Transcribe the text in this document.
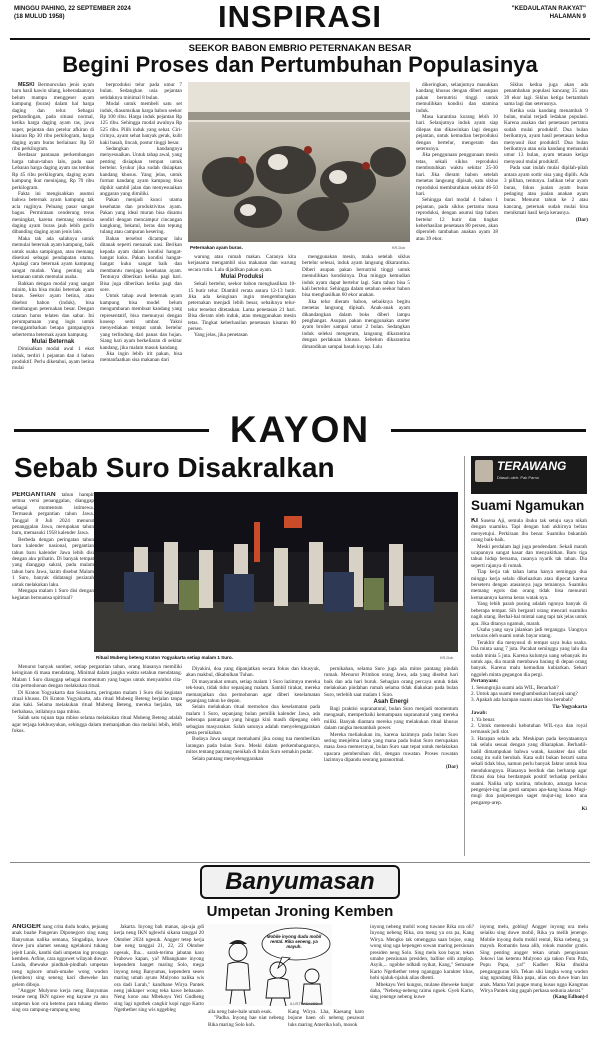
MINGGU PAHING, 22 SEPTEMBER 2024
(18 MULUD 1958)	INSPIRASI	"KEDAULATAN RAKYAT"
HALAMAN 9
SEEKOR BABON EMBRIO PETERNAKAN BESAR
Begini Proses dan Pertumbuhan Populasinya

MESKI Bermunculan jenis ayam baru hasil kawin silang, keberadaannya belum mampu menggeser ayam kampung (buras) dalam hal harga daging dan telur. Sebagai perbandingan, pada situasi normal, ketika harga daging ayam ras, jawa super, pejantan dan petelur afkiran di kisaran Rp 30 ribu perkilogram, harga daging ayam buras berlainan: Rp 50 ribu perkilogram.

Berdasar pantauan perkembangan harga tahun-tahun lalu, pada saat Lebaran harga daging ayam ras tembus Rp 45 ribu perkilogram, daging ayam kampung ikut meninjang, Rp 70 ribu perkilogram.

Fakta ini mengisahkan asumsi bahwa beternak ayam kampung tak acia rugjinya. Peluang pasar sangat bagus. Permintaan cenderung terus meningkat, karena memang otensisa daging ayam buras jauh lebih gurih dibanding daging ayam jenis lain.

Maka tak ada salahnya untuk memulai beternak ayam kampung, baik untuk usaha sampingan, atau memang disetiusi sebagai pendapatan utama. Apalagi cara beternak ayam kampung sangat mudah. Yang penting ada kemauan untuk memulai usaha.

Bahkan dengan modal yang sangat minim, kita bisa mulai beternak ayam buras. Seekor ayam betina, atau disebut babon (induk), bisa membangun peternakan besar. Dengan catatan harus telaten dan sabar. Ini perumpamaan yang logis untuk menggambarkan betapa gampangnya seberterma beternak ayam kampung.

Mulai Beternak

Dimisalkan modal awal 1 ekot induk, terdiri 1 pejantan dan 4 babon produktif. Perlu diketahui, ayam betina mulai

berproduksi telur pada umur 7 bulan. Sedangkan usia pejantan setidaknya minimal 8 bulan.

Modal untuk membeli satu set induk, diasumsikan harga babon seekor Rp 100 ribu. Harga induk pejantan Rp 125 ribu. Sehingga modal awalnya Rp 525 ribu. Pilih induk yang sehat. Ciri-cirinya, ayam sehat banyak gerak, kulit kaki basah, lincah, postur tinggi besar.

Sedangkan kandangnya menyesuaikan. Untuk tahap awal, yang penting disiapkan tempat untuk bertelur. Syukur jika sudah disiapkan kandang khusus. Yang jelas, untuk format kandang ayam kampung bisa dipikir sambil jalan dan menyesuaikan anggaran yang dimiliki.

Pakan menjadi kunci utama kesehatan dan produktivitas ayam. Pakan yang ideal muran bisa disamu sendiri dengan mencampur cincangan kangkung, bekatul, beras dan tepung tulang atau campuran kesering.

Bahan tersebut dicampur lalu ditanak seperti menanak nasi. Berikan kepada ayam dalam kondisi hangat-hangat kuku. Pakan kondisi hangat-hangat kuku sangat baik dan membantu menjaga kesehatan ayam. Tentunya diberikan ketika pagi hari. Bisa juga diberikan ketika pagi dan sore.

Untuk tahap awal beternak ayam kampung bisa model belum mengumbaran membuat kandang yang representatif, bisa memunyai dengan koseop semi umbar. Yakni menyediakan tempat untuk bertelur yang terlindung dari panas dan hujan. Siang hari ayam berkeliaran di sekitar kandang, jika malam masuk kandang.

Jika ingin lebih irit pakan, bisa memanfaatkan sisa makanan dari

Peternakan ayam buras.	KR-Dok

warung atau rumah makan. Caranya kita kerjasama mengambil sisa makanan dan warung secara rutin. Lalu dijadikan pakan ayam.

Mulai Produksi

Sekali bertelur, seekor babon menghasilkan 10-15 butir telur. Diambil rerata antara 12-13 butir. Jika ada keinginan ingin mengembangkan peternakan menjadi lebih besar, sebaiknya telur-telur tersebut ditetaskan. Lama penetasan 21 hari. Bisa dieram oleh induk, atau menggunakan mesin tetas. Tingkat keberhasilan penetasan kisaran 80 persen.

Yang jelas, jika penetasan

menggunakan mesin, maka setelah siklus bertelur selesai, induk ayam langsung dikarantina. Diberi asupan pakan bernutrisi tinggi untuk memulihkan kondisinya. Dua minggu kemudian induk ayam dapat bertelur lagi. Satu tahun bisa 5 kali bertelur. Sehingga dalam setahun seekor babon bisa menghasilkan 60 ekor anakan.

Jika telur dieram babon, sebaiknya begitu menetas langsung dipisah. Anak-anak ayam dikandangkan dalam boks diberi lampu penghangat. Asupan pakan menggunakan starter ayam broiler sampai umur 2 bulan. Sedangkan induk seleksi mengeram, langsung dikarantina dengan perlakuan khusus. Sebelum dikarantina dimandikan sampai basah kuyup. Lalu

dikeringkan, selanjutnya masukkan kandang khusus dengan diberi asupan pakan bernutrisi tinggi untuk memulihkan kondisi dan stamina induk.

Masa karantina kurang lebih 10 hari. Selanjutnya induk ayam siap dilepas dan dikawinkan lagi dengan pejantan, untuk kemudian berproduksi dengan bertelur, mengeram dan seterusnya.

Jika penggunaan penggunaan mesin tetas, sekali siklus reproduksi membutuhkan waktu sekitar 25-30 hari. Jika dieram babon setelah menetas langsung dipisah, satu siklus reproduksi membutuhkan sekitar 46-50 hari.

Sehingga dari modal 4 babon 1 pejantan, pada siklus pertama masa reproduksi, dengan asumsi tiap babon bertelur 12 butir dan tingkat keberhasilan penetasan 80 persen, akan diperoleh tambahan anakan ayam 38 atau 39 ekor.

Siklus kedua juga akan ada penambahan populasi kancang 35 atau 39 ekor lagi. Siklus ketiga bertambah sama lagi dan seterusnya.

Ketika usia kandang menambah 9 bulan, mulai terjadi ledakan populasi. Karena anakan dari penetasan pertama sudah mulai produktif. Dua bulan berikutnya, ayam hasil penetasan kedua menyusul ikut produktif. Dua bulan berikutnya atau usia kandang memasuki umur 13 bulan, ayam tetasan ketiga menyusul mulai produktif.

Pada saat itulah mulai dipilah-pilah antara ayam sortir sisa yang diplih. Ada 3 pilihan, tentunya. Jadikan telur ayam buras, fokus jualan ayam buras pedaging atau jualan anakan ayam buras. Menurut tahun ke 2 atau kancang, peternak sudah mulai bisa menikmati hasil kerja kerasnya.

(Dar)

KAYON
Sebab Suro Disakralkan

PERGANTIAN tahun hampir semua versi penanggalan, dianggap sebagai momentum istimewa. Termasuk pergantian tahun Jawa. Tanggal 8 Juli 2024 menurut penanggalan Jawa, merupakan tahun baru, memasuki 1958 kalender Jawa.

Berbeda dengan peringatan tahun baru kalender nasional, pergantian tahun baru kalender Jawa lebih disi dengan aku prihatin. Di banyak tempat yang dianggap sakral, pada malam tahun baru Jawa, lazim disebut Malam 1 Suro, banyak didatangi peziarah untuk melakukan laku.

Mengapa malam 1 Suro disi dengan kegiatan bernuansa spiritual?

Menurut banyak sumber, setiap pergantian tahun, orang biasanya memiliki keinginan di masa mendatang. Minimal dalam jangka waktu setahun mendatang. Malam 1 Suro dianggap sebagai momentum yang bagus untuk menyambut cita-cita permohonan dengan melakukan ritual.

Di Kraton Yogyakarta dan Surakarta, peringatan malam 1 Suro disi kegiatan ritual khusus. Di Kraton Yogyakarta, ada ritual Mubeng Beteng berjalan tanpa alas kaki. Selama melakukan ritual Mubeng Beteng, mereka berjalan, tak berbahasa, istilahnya tapa mbisu.

Salah satu tujuan tapa mbisu selama melakukan ritual Mubeng Beteng adalah agar terjaga kekhusyukan, sehingga dalam memanjatkan doa melalui lebih, lebih fokus.

Ritual Mubeng beteng Kraton Yogyakarta setiap malam 1 Suro.	KR-Dok

Diyakini, doa yang dipanjatkan secara fokus dan khusyuk, akan makbul, dikabulkan Tuhan.

Di masyarakat umum, setiap malam 1 Suro lazimnya mereka tek-kean, tidak tidur sepanjang malam. Sambil tirakat, mereka memanjatkan doa permohonan agar diberi keselamatan sepanjang tahun ke depan.

Selain melakukan ritual memohon doa keselamatan pada malam 1 Suro, sepanjang bulan pemilik kalender Jawa, ada beberapa pantangan yang hingga kini masih dipegang oleh sebagian masyarakat. Salah satunya adalah menyelenggarakan pesta pernikahan.

Budaya Jawa sangat memahami jika orang tua memberikan larangan pada bulan Suro. Meski dalam perkembangannya, mitos tentang pantang menikah di bulan Suro semakin pudar.

Selain pantang menyelenggarakan

pernikahan, selama Suro juga ada mitos pantang pindah rumah. Menurut Primbon orang Jawa, ada yang disebut hari baik dan ada hari buruk. Sebagian orang percaya untuk tidak melakukan pindahan rumah selama tidak diakukan pada bulan Suro, terlebih saat malam 1 Suro.

Asah Energi

Bagi praktisi supranatural, bulan Suro menjadi momentum mengasah, memperbaiki kemampuan supranatural yang mereka miliki. Banyak diantara mereka yang melakukan ritual khusus dalam rangka menambah power.

Mereka meliakukan itu, karena lazimnya pada bulan Suro sering menjelma lama yang mana pada bulan Suro merupakan masa Jawa memercayai, bulan Suro saat tepat untuk melakukan upacara pembersihan diri, dengan ruwatan. Proses ruwatan lazimnya dipandu seorang paranormal.

(Dar)

TERAWANG
Diasuh oleh: Pak Parno
Suami Ngamukan

KI Susena Aji, semula ibuku tak setuju saya nikah dengan suamiku. Tapi dengan hati akhirnya beliau menyetujui. Perkiraan ibu benar. Suamiku bukanlah orang baik-baik.

Meski perdalam lagi juga pendendam. Sekali marah ucapannya sangat kasar dan menyakitkan. Baru tiga tahun hidup bersama, rasanya nyarik tak tahan. Dia seperti rajanya di rumah.

Tiap kerja tak tahan lama hanya seminggu dua minggu kerja selalu dikeluarkan atau dipecat karena berseteru dengan atasannya juga temannya. Suamiku memang egois dan orang tidak bisa menuruti kemauannya karena keras watak nya.

Yang lebih parah pusing adalah ngnnya banyak di beberapa tempat. Sih bergantl orang mencari suamiku nagih utang. Berhal-hal mintal uang tapi tak jelas untuk apa. Jika ditanya ngamuk, marah.

Usaha yang saya jalankan jadi terganggu. Uangnya terkuras oleh suami untuk bayar utang.

Terakhir dia menyusul di tempat saya buka usaha. Dia minta uang 7 juta. Pacahat seminggu yang lalu dia sudah minta 5 juta. Karena kulumya uang sebanyak itu untuk apa, dia marah membawa barang di depan orang banyak. Karena malu kemudian kubiarkan. Sehari nggoleh minta gegangon dia pergi.

Pertanyaan:

1. Sesungrujia suami ada WIL, Benarkah?

2. Untuk apa suami menghambuskan banyak uang?

3. Apakah ada harapan suami akan bisa berubah?

Tia-Yogyakarta

Jawab:

1. Ya benar.

2. Untuk memenuhi kebutuhan WIL-nya dan royal termasuk judi slot.

3. Harapan selalu ada. Meskipun pada kenyataannya tak selalu sesuai dengan yang diharapkan. Berhadil-hadil dimampukan bahwa watak, karakter dan sifat orang itu sulit berubah. Kata sulit bukan berarti sama sekali tidak bisa, namun perlu banyak faktor untuk bisa mendukungnya. Biasanya berdiuk dan berharap agar fibrasi doa bisa berdampak positif terhadap perilaku suami. Nalika urip narima, mbuhuto, amarga kecus pengenjet-ing lan gusti sampun apa-kang kuasa. Mugi-mugi doa panjenengan saget mujut-ing kono ana pengarep-arep.

Ki

Banyumasan
Umpetan Jroning Kemben

ANGGER nang crita dudu hoaks, pejuang anak buahe Pangeran Diponegoro sing nang Banyumas nalika semana, Singadipa, kuwe duwe juru alamet senang ngelakoni tukang jejelt Lanik, kanthi dadi umpetan ing pronggo kemben. Arfine, cara nggowet wilayah duwur. Landa, dhewake pindhah-pindhah umpetan neng ngisore umah-umahe wong wadon (kemben) sing seneng kaci dheweke lan gelem dibojo.

"Angger Mulyono kerja neng Banyumas tesane neng IKN ngawe eng kayane ya anu umpetan kon ora ketemu para tukang dhemo sing ora rampung-rampung neng

Jakarta. Inyong bah manas, aja-aja gdi kerja neng IKN nglewhi sikana tanggal 20 Oktober 2024 ngesuk. Angger tetep kerja bae neng tanggal 21, 22, 23 Oktober ngesuk, Iha... sarah-terima jabatan karo Prabowo kapan, ya? Mbangkane inyong kependem banget maring Solo, mega inyong neng Banyumas, kependem sesen maring umah ayuns Mulyono nalika wis ora dadi Lurah," kandhane Wirya Pantek neng jukkaper wong teka kawe bebasane. Neng kono ana Mbekayu Yeti Gudheng sing lagi nguthek cangkir kopi nggo Karto Ngethether sing wis nggebleg

Mobile inyong dudu mobil rental. Rika seneng, ya mayuh.
ILUSTRASI JOS

aila neng bale-bale umah esuk.

"Padha. Inyong bae niat nebeng Rika maring Solo koh.

Kang Wirya. Lha, Kaesang karo bojone baen oli nebeng pesawat luks maring Amerika koh, mosok

inyong nebeng mobil wong tuwane Rika ora oli? Inyong nebeng Rika, ora meng ya ora pa, Kang Wirya. Mengko tak omenggna saan bojoe, sung wong sing uga kepengen sowan maring persiunan presiden neng Solo. Sing melu kon bayar, tekan umahe pensiunan presiden, balline olih amplop. Asyik,... ngobhe ndhadi nyikat, Kang," Semaune Karto Ngethether tetep ngangggo karakter khas, hobi njaluk-njaluk alias dhenti.

Mbekayu Yeti kungsu, mulane dheweke banjur daha, "Nebeng-nebeng raimu ngsek. Gyeh Karto, sing jenenge nebeng kuwe

inyong melu, goblog! Angger inyong ora melu selaiku sing duwe mobil, Rika ya melih jenenge. Mobile inyong dudu mobil rental, Rika nebeng, ya mayuh. Romantis basa alih, rokok mandor gratis. Sing penting angger tekan umah pengsiunan Jokowi lan ketemu Mulyono aja takon Futu Pafa, Pupu Papa, ya!" Kadher Rika dhukha pengangguran kih. Tekan siki langka wong wadon sing ngundang Rika papa, alias ora duwe bian lan anak. Mama Yati puppe mung kusus nggo Kangmas Wirya Pantek sing gagah perkasa sedunia akerat."

(Kang Edhon)-f
